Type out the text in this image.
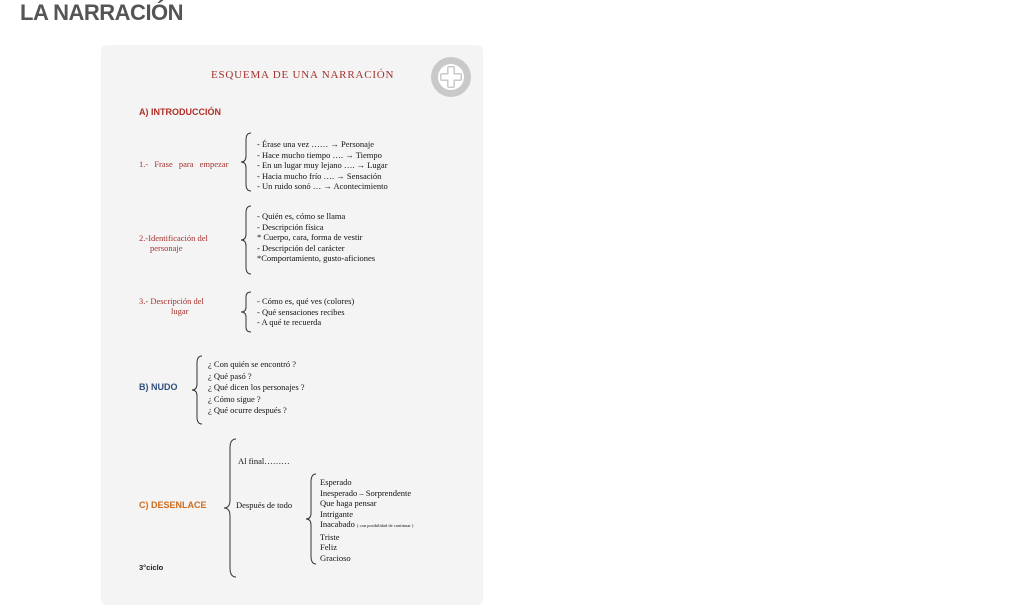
LA NARRACIÓN
ESQUEMA DE UNA NARRACIÓN
A) INTRODUCCIÓN
1.- Frase para empezar
- Érase una vez …… → Personaje
- Hace mucho tiempo …. → Tiempo
- En un lugar muy lejano …. → Lugar
- Hacia mucho frío …. → Sensación
- Un ruido sonó … → Acontecimiento
2.-Identificación del
personaje
- Quién es, cómo se llama
- Descripción física
* Cuerpo, cara, forma de vestir
- Descripción del carácter
*Comportamiento, gusto-aficiones
3.- Descripción del
lugar
- Cómo es, qué ves (colores)
- Qué sensaciones recibes
- A qué te recuerda
B) NUDO
¿ Con quién se encontró ?
¿ Qué pasó ?
¿ Qué dicen los personajes ?
¿ Cómo sigue ?
¿ Qué ocurre después ?
C) DESENLACE
Al final………
Después de todo
Esperado
Inesperado – Sorprendente
Que haga pensar
Intrigante
Inacabado ( con posibilidad de continuar )
Triste
Feliz
Gracioso
3°ciclo
